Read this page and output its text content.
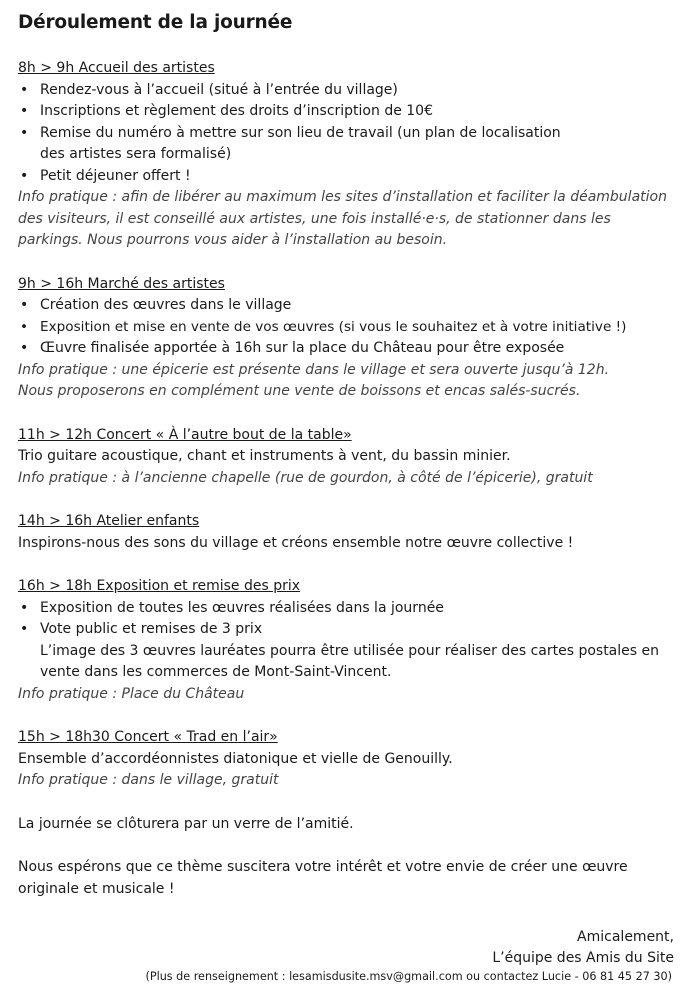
Déroulement de la journée
8h > 9h Accueil des artistes
• Rendez-vous à l’accueil (situé à l’entrée du village)
• Inscriptions et règlement des droits d’inscription de 10€
• Remise du numéro à mettre sur son lieu de travail (un plan de localisation des artistes sera formalisé)
• Petit déjeuner offert !

Info pratique : afin de libérer au maximum les sites d’installation et faciliter la déambulation des visiteurs, il est conseillé aux artistes, une fois installé·e·s, de stationner dans les parkings. Nous pourrons vous aider à l’installation au besoin.

9h > 16h Marché des artistes
• Création des œuvres dans le village
• Exposition et mise en vente de vos œuvres (si vous le souhaitez et à votre initiative !)
• Œuvre finalisée apportée à 16h sur la place du Château pour être exposée

Info pratique : une épicerie est présente dans le village et sera ouverte jusqu’à 12h. Nous proposerons en complément une vente de boissons et encas salés-sucrés.

11h > 12h Concert « À l’autre bout de la table»

Trio guitare acoustique, chant et instruments à vent, du bassin minier.

Info pratique : à l’ancienne chapelle (rue de gourdon, à côté de l’épicerie), gratuit

14h > 16h Atelier enfants

Inspirons-nous des sons du village et créons ensemble notre œuvre collective !

16h > 18h Exposition et remise des prix
• Exposition de toutes les œuvres réalisées dans la journée
• Vote public et remises de 3 prix
L’image des 3 œuvres lauréates pourra être utilisée pour réaliser des cartes postales en vente dans les commerces de Mont-Saint-Vincent.

Info pratique : Place du Château

15h > 18h30 Concert « Trad en l’air»

Ensemble d’accordéonnistes diatonique et vielle de Genouilly.

Info pratique : dans le village, gratuit

La journée se clôturera par un verre de l’amitié.

Nous espérons que ce thème suscitera votre intérêt et votre envie de créer une œuvre originale et musicale !

Amicalement,
L’équipe des Amis du Site
(Plus de renseignement : lesamisdusite.msv@gmail.com ou contactez Lucie - 06 81 45 27 30)
